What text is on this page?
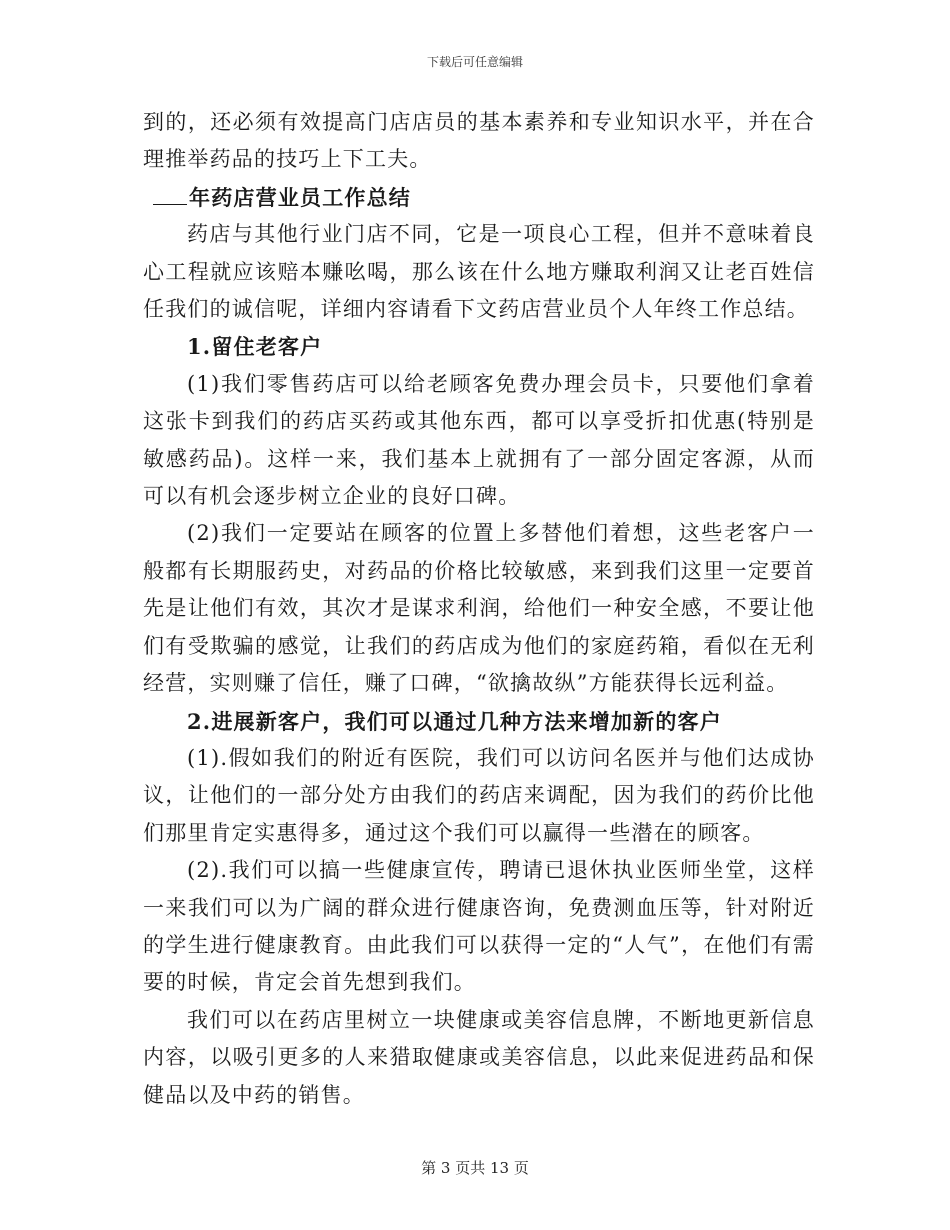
下载后可任意编辑

到的，还必须有效提高门店店员的基本素养和专业知识水平，并在合理推举药品的技巧上下工夫。

年药店营业员工作总结

药店与其他行业门店不同，它是一项良心工程，但并不意味着良心工程就应该赔本赚吆喝，那么该在什么地方赚取利润又让老百姓信任我们的诚信呢，详细内容请看下文药店营业员个人年终工作总结。

1.留住老客户

(1)我们零售药店可以给老顾客免费办理会员卡，只要他们拿着这张卡到我们的药店买药或其他东西，都可以享受折扣优惠(特别是敏感药品)。这样一来，我们基本上就拥有了一部分固定客源，从而可以有机会逐步树立企业的良好口碑。

(2)我们一定要站在顾客的位置上多替他们着想，这些老客户一般都有长期服药史，对药品的价格比较敏感，来到我们这里一定要首先是让他们有效，其次才是谋求利润，给他们一种安全感，不要让他们有受欺骗的感觉，让我们的药店成为他们的家庭药箱，看似在无利经营，实则赚了信任，赚了口碑，“欲擒故纵”方能获得长远利益。

2.进展新客户，我们可以通过几种方法来增加新的客户

(1).假如我们的附近有医院，我们可以访问名医并与他们达成协议，让他们的一部分处方由我们的药店来调配，因为我们的药价比他们那里肯定实惠得多，通过这个我们可以赢得一些潜在的顾客。

(2).我们可以搞一些健康宣传，聘请已退休执业医师坐堂，这样一来我们可以为广阔的群众进行健康咨询，免费测血压等，针对附近的学生进行健康教育。由此我们可以获得一定的“人气”，在他们有需要的时候，肯定会首先想到我们。

我们可以在药店里树立一块健康或美容信息牌，不断地更新信息内容，以吸引更多的人来猎取健康或美容信息，以此来促进药品和保健品以及中药的销售。

第 3 页共 13 页
